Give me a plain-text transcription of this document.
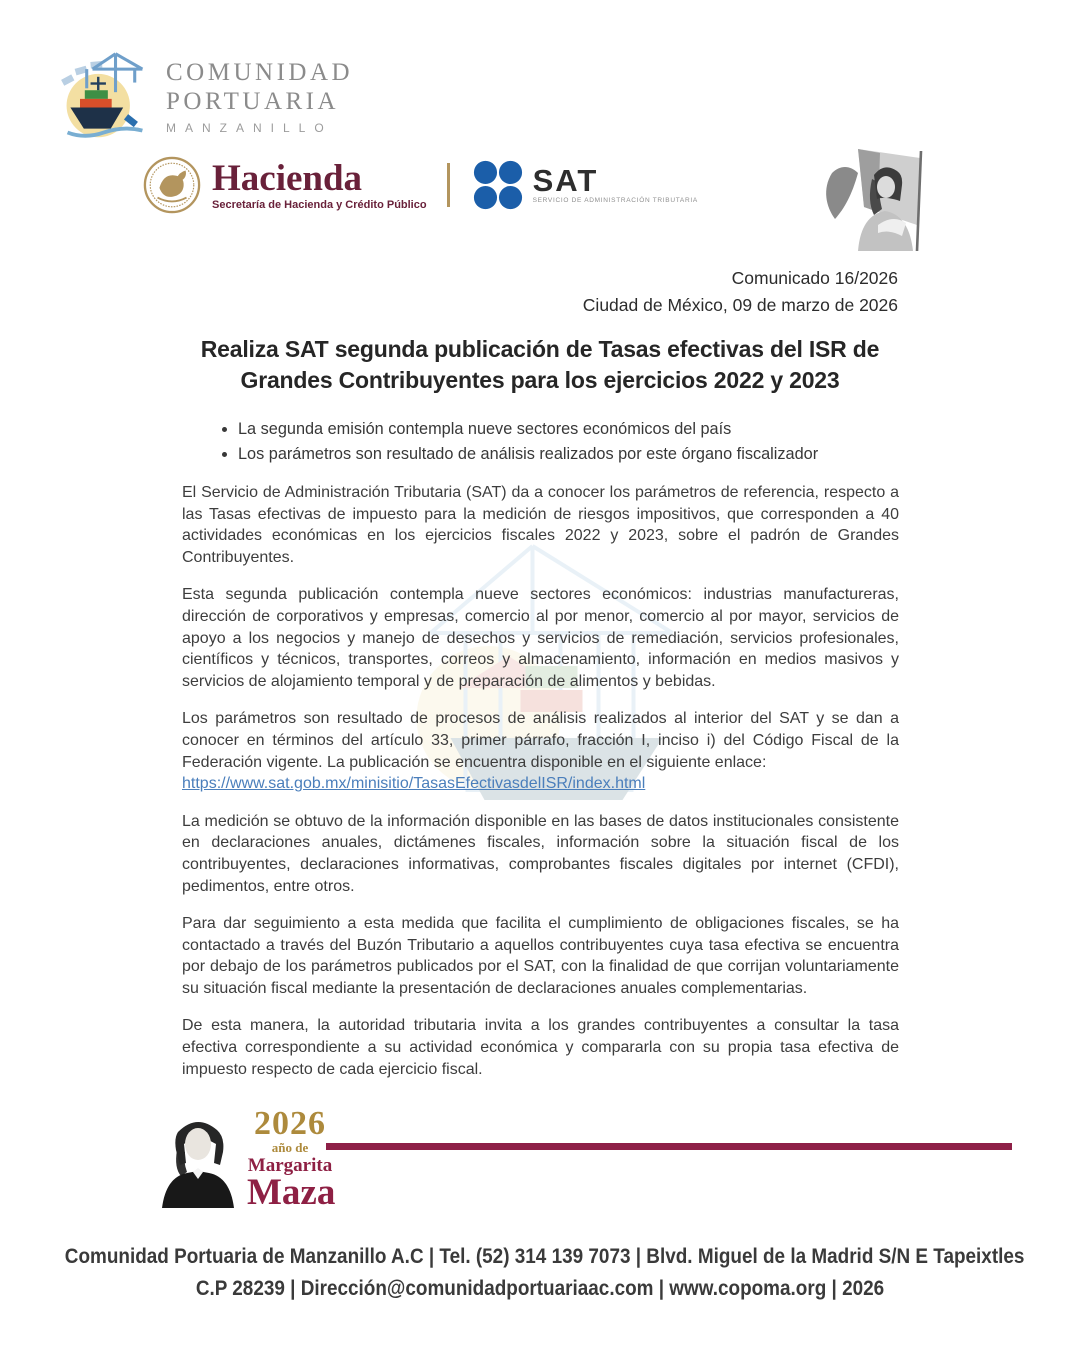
COMUNIDAD
PORTUARIA
MANZANILLO
Hacienda
Secretaría de Hacienda y Crédito Público
SAT
SERVICIO DE ADMINISTRACIÓN TRIBUTARIA
Comunicado 16/2026
Ciudad de México, 09 de marzo de 2026
Realiza SAT segunda publicación de Tasas efectivas del ISR de Grandes Contribuyentes para los ejercicios 2022 y 2023
• La segunda emisión contempla nueve sectores económicos del país
• Los parámetros son resultado de análisis realizados por este órgano fiscalizador

El Servicio de Administración Tributaria (SAT) da a conocer los parámetros de referencia, respecto a las Tasas efectivas de impuesto para la medición de riesgos impositivos, que corresponden a 40 actividades económicas en los ejercicios fiscales 2022 y 2023, sobre el padrón de Grandes Contribuyentes.

Esta segunda publicación contempla nueve sectores económicos: industrias manufactureras, dirección de corporativos y empresas, comercio al por menor, comercio al por mayor, servicios de apoyo a los negocios y manejo de desechos y servicios de remediación, servicios profesionales, científicos y técnicos, transportes, correos y almacenamiento, información en medios masivos y servicios de alojamiento temporal y de preparación de alimentos y bebidas.

Los parámetros son resultado de procesos de análisis realizados al interior del SAT y se dan a conocer en términos del artículo 33, primer párrafo, fracción I, inciso i) del Código Fiscal de la Federación vigente. La publicación se encuentra disponible en el siguiente enlace:

https://www.sat.gob.mx/minisitio/TasasEfectivasdelISR/index.html

La medición se obtuvo de la información disponible en las bases de datos institucionales consistente en declaraciones anuales, dictámenes fiscales, información sobre la situación fiscal de los contribuyentes, declaraciones informativas, comprobantes fiscales digitales por internet (CFDI), pedimentos, entre otros.

Para dar seguimiento a esta medida que facilita el cumplimiento de obligaciones fiscales, se ha contactado a través del Buzón Tributario a aquellos contribuyentes cuya tasa efectiva se encuentra por debajo de los parámetros publicados por el SAT, con la finalidad de que corrijan voluntariamente su situación fiscal mediante la presentación de declaraciones anuales complementarias.

De esta manera, la autoridad tributaria invita a los grandes contribuyentes a consultar la tasa efectiva correspondiente a su actividad económica y compararla con su propia tasa efectiva de impuesto respecto de cada ejercicio fiscal.

2026
año de
Margarita
Maza
Comunidad Portuaria de Manzanillo A.C | Tel. (52) 314 139 7073 | Blvd. Miguel de la Madrid S/N E Tapeixtles
C.P 28239 | Dirección@comunidadportuariaac.com | www.copoma.org | 2026
